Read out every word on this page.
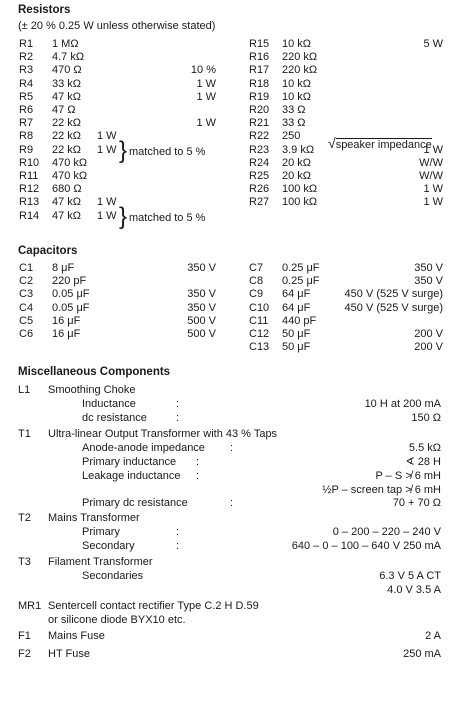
Resistors
(± 20 % 0.25 W unless otherwise stated)
R1 1 MΩ
R2 4.7 kΩ
R3 470 Ω	10 %
R4 33 kΩ	1 W
R5 47 kΩ	1 W
R6 47 Ω
R7 22 kΩ	1 W
R8 22 kΩ 1 W
R9 22 kΩ 1 W
R10 470 kΩ
R11 470 kΩ
R12 680 Ω
R13 47 kΩ 1 W
R14 47 kΩ 1 W
R15 10 kΩ	5 W
R16 220 kΩ
R17 220 kΩ
R18 10 kΩ
R19 10 kΩ
R20 33 Ω
R21 33 Ω
R22 250
R23 3.9 kΩ	1 W
R24 20 kΩ	W/W
R25 20 kΩ	W/W
R26 100 kΩ	1 W
R27 100 kΩ	1 W
} matched to 5 %
} matched to 5 %
√speaker impedance
Capacitors
C1 8 μF	350 V
C2 220 pF
C3 0.05 μF	350 V
C4 0.05 μF	350 V
C5 16 μF	500 V
C6 16 μF	500 V
C7 0.25 μF	350 V
C8 0.25 μF	350 V
C9 64 μF	450 V (525 V surge)
C10 64 μF	450 V (525 V surge)
C11 440 pF
C12 50 μF	200 V
C13 50 μF	200 V
Miscellaneous Components
L1 Smoothing Choke
Inductance	:	10 H at 200 mA
dc resistance	:	150 Ω
T1 Ultra-linear Output Transformer with 43 % Taps
Anode-anode impedance :	5.5 kΩ
Primary inductance :	∢ 28 H
Leakage inductance :	P – S ≯ 6 mH
½P – screen tap ≯ 6 mH
Primary dc resistance	:	70 + 70 Ω
T2 Mains Transformer
Primary	:	0 – 200 – 220 – 240 V
Secondary	:	640 – 0 – 100 – 640 V 250 mA
T3 Filament Transformer
Secondaries	6.3 V 5 A CT
4.0 V 3.5 A
MR1 Sentercell contact rectifier Type C.2 H D.59
or silicone diode BYX10 etc.
F1 Mains Fuse	2 A
F2 HT Fuse	250 mA
